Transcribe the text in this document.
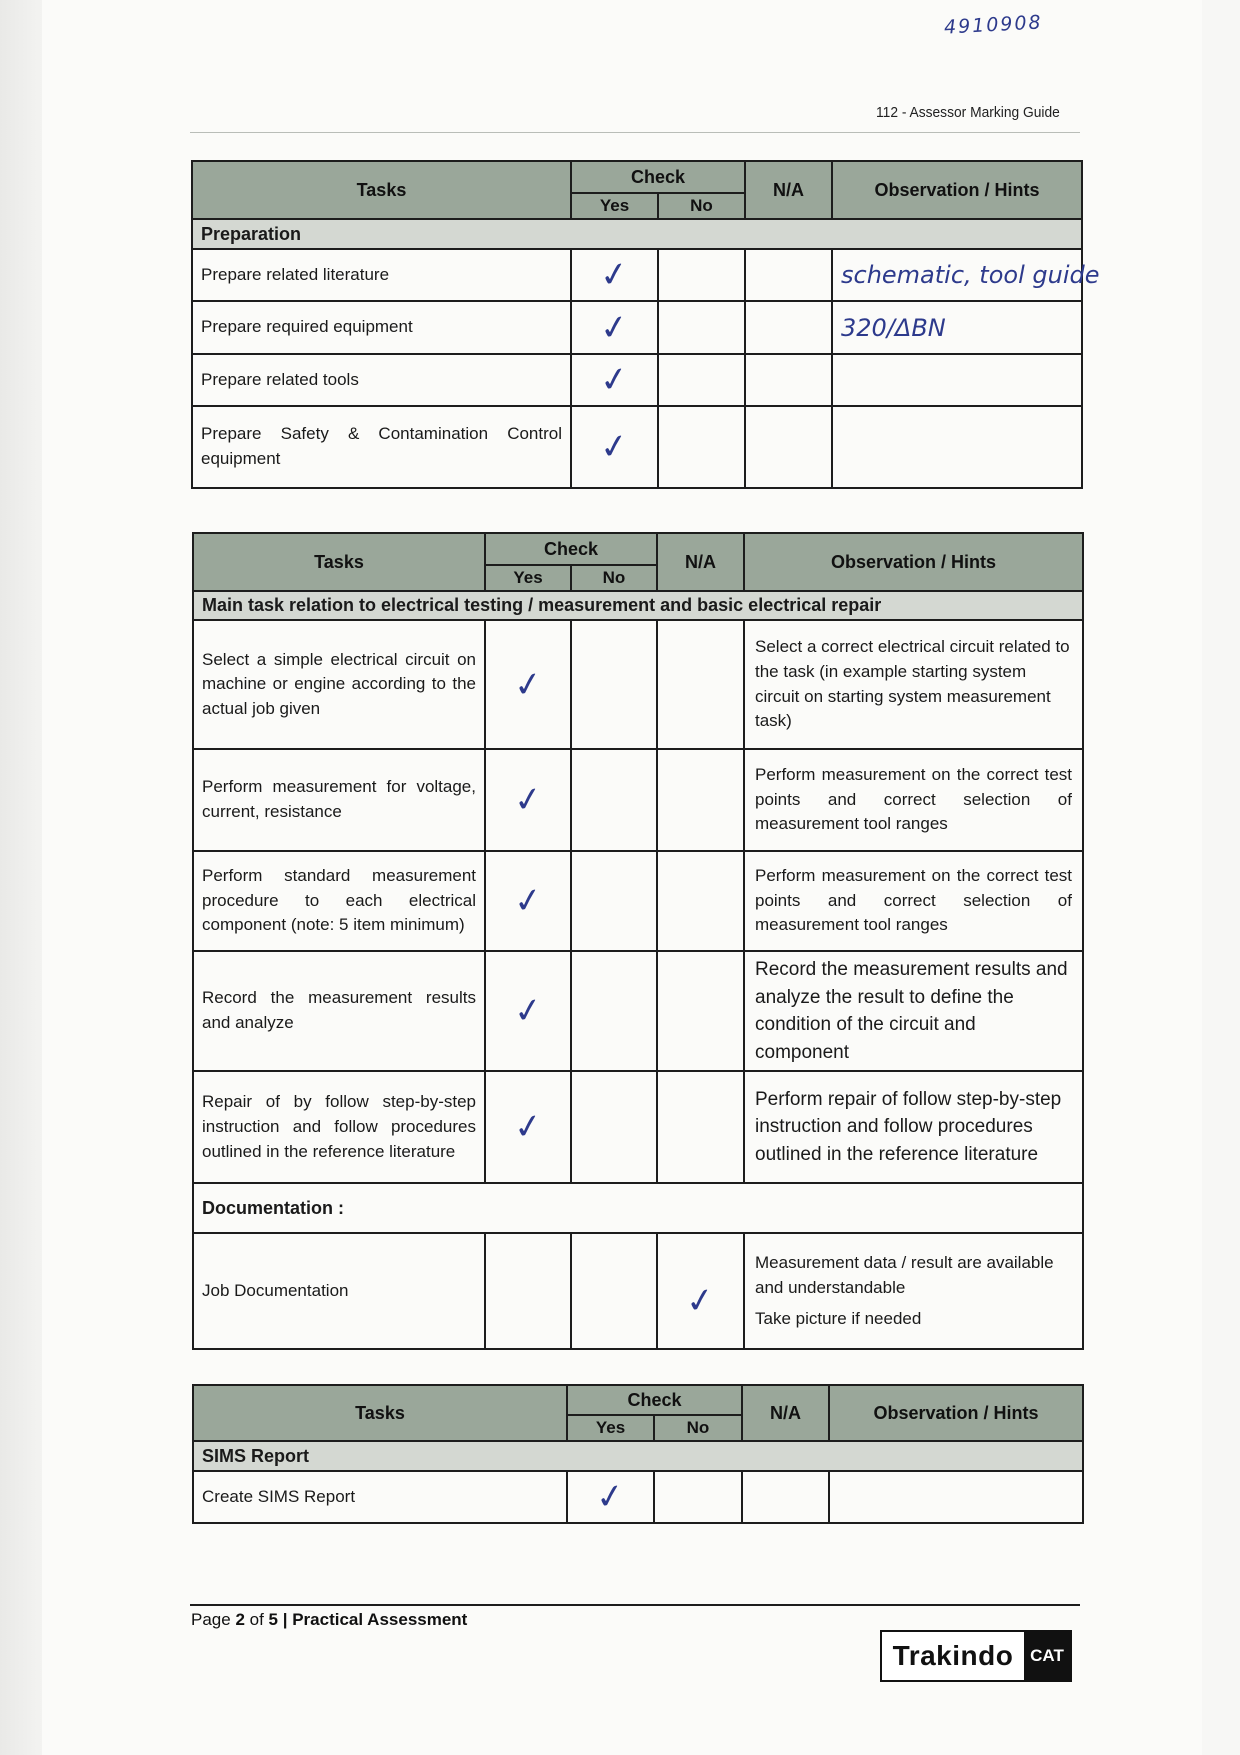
4910908
112 - Assessor Marking Guide
Tasks	Check		N/A	Observation / Hints
	Yes	No		
Preparation				
Prepare related literature	✓			schematic, tool guide
Prepare required equipment	✓			320/ΔBN
Prepare related tools	✓			
Prepare Safety & Contamination Control equipment	✓			
Tasks	Check		N/A	Observation / Hints
	Yes	No		
Main task relation to electrical testing / measurement and basic electrical repair				
Select a simple electrical circuit on machine or engine according to the actual job given	✓			Select a correct electrical circuit related to the task (in example starting system circuit on starting system measurement task)
Perform measurement for voltage, current, resistance	✓			Perform measurement on the correct test points and correct selection of measurement tool ranges
Perform standard measurement procedure to each electrical component (note: 5 item minimum)	✓			Perform measurement on the correct test points and correct selection of measurement tool ranges
Record the measurement results and analyze	✓			Record the measurement results and analyze the result to define the condition of the circuit and component
Repair of by follow step-by-step instruction and follow procedures outlined in the reference literature	✓			Perform repair of follow step-by-step instruction and follow procedures outlined in the reference literature
Documentation :				
Job Documentation			✓	Measurement data / result are available and understandable
Take picture if needed
Tasks	Check		N/A	Observation / Hints
	Yes	No		
SIMS Report				
Create SIMS Report	✓			
Page 2 of 5 | Practical Assessment
Trakindo CAT
